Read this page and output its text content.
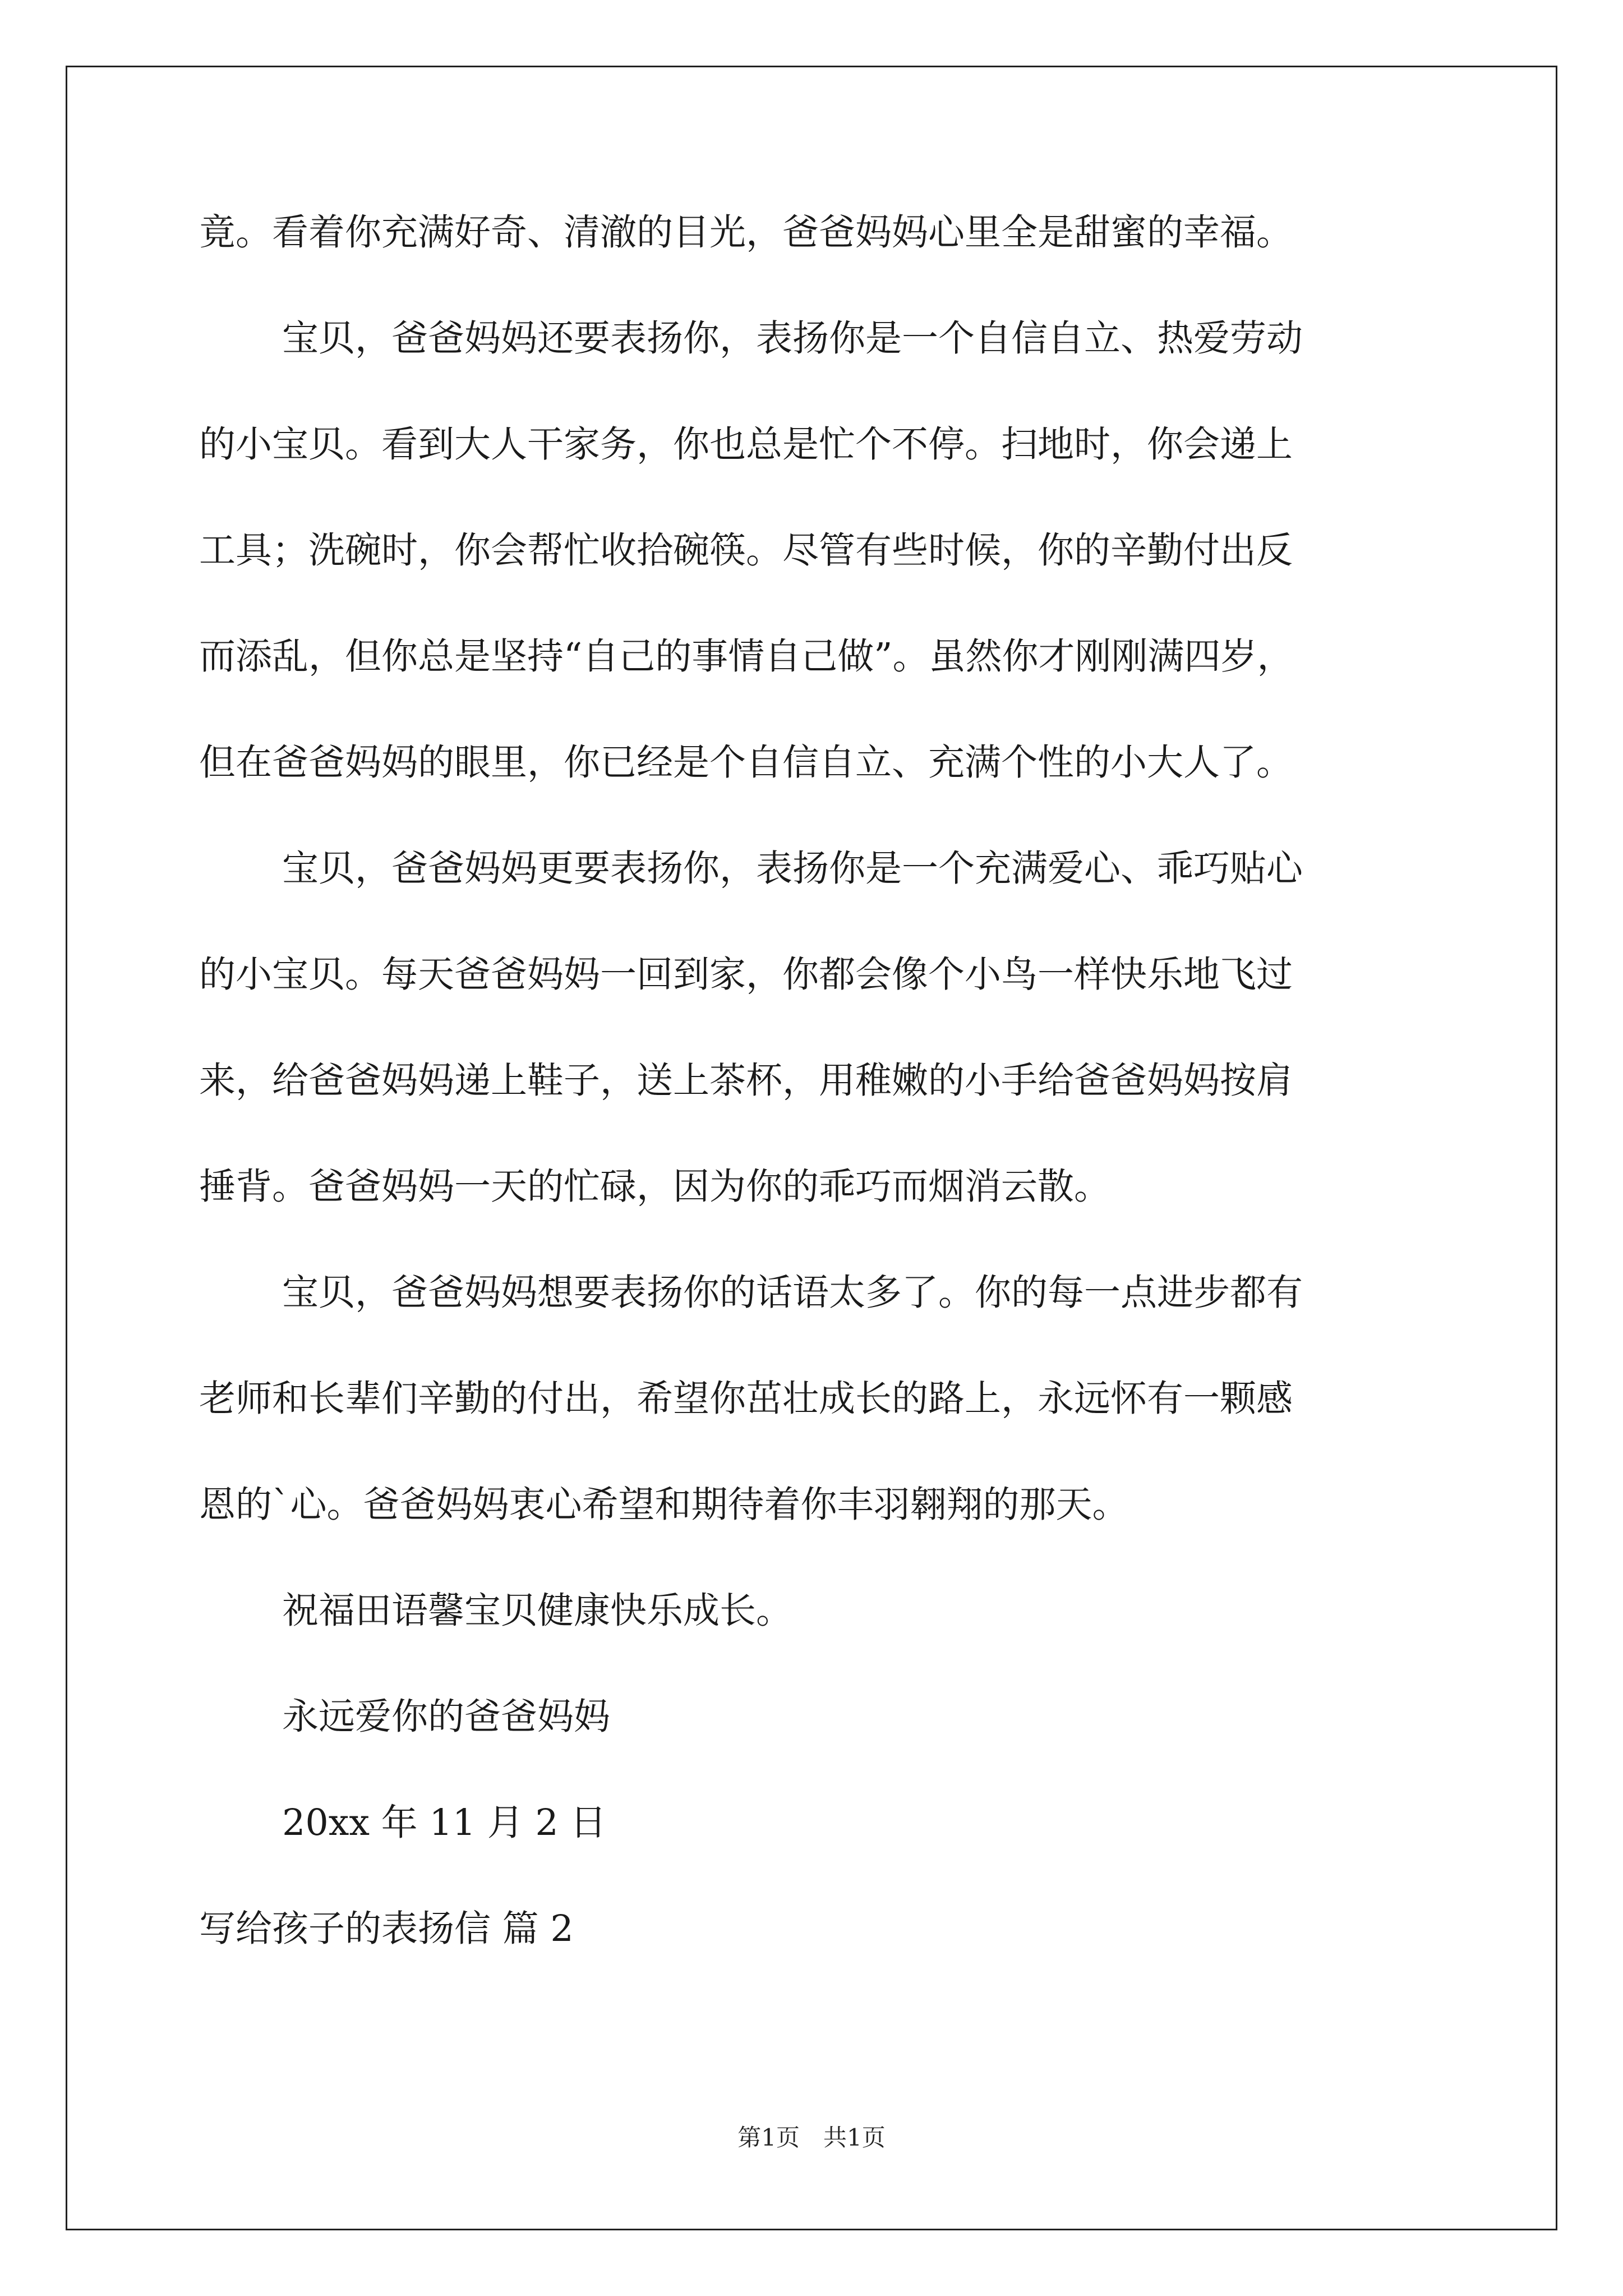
竟。看着你充满好奇、清澈的目光，爸爸妈妈心里全是甜蜜的幸福。
宝贝，爸爸妈妈还要表扬你，表扬你是一个自信自立、热爱劳动
的小宝贝。看到大人干家务，你也总是忙个不停。扫地时，你会递上
工具；洗碗时，你会帮忙收拾碗筷。尽管有些时候，你的辛勤付出反
而添乱，但你总是坚持“自己的事情自己做”。虽然你才刚刚满四岁，
但在爸爸妈妈的眼里，你已经是个自信自立、充满个性的小大人了。
宝贝，爸爸妈妈更要表扬你，表扬你是一个充满爱心、乖巧贴心
的小宝贝。每天爸爸妈妈一回到家，你都会像个小鸟一样快乐地飞过
来，给爸爸妈妈递上鞋子，送上茶杯，用稚嫩的小手给爸爸妈妈按肩
捶背。爸爸妈妈一天的忙碌，因为你的乖巧而烟消云散。
宝贝，爸爸妈妈想要表扬你的话语太多了。你的每一点进步都有
老师和长辈们辛勤的付出，希望你茁壮成长的路上，永远怀有一颗感
恩的`心。爸爸妈妈衷心希望和期待着你丰羽翱翔的那天。
祝福田语馨宝贝健康快乐成长。
永远爱你的爸爸妈妈
20xx 年 11 月 2 日
写给孩子的表扬信 篇 2
第1页　共1页
